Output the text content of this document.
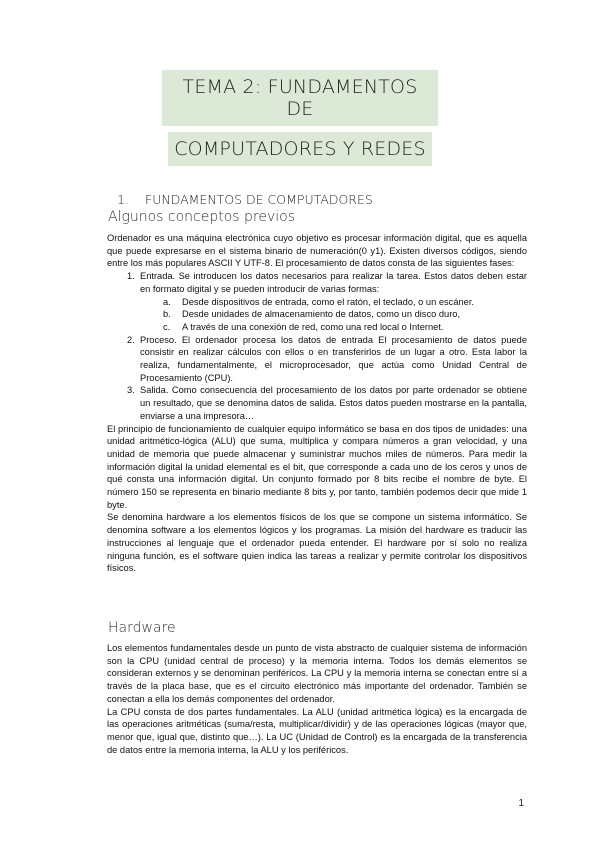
TEMA 2: FUNDAMENTOS DE
COMPUTADORES Y REDES
1. FUNDAMENTOS DE COMPUTADORES
Algunos conceptos previos

Ordenador es una máquina electrónica cuyo objetivo es procesar información digital, que es aquella que puede expresarse en el sistema binario de numeración(0 y1). Existen diversos códigos, siendo entre los más populares ASCII Y UTF-8. El procesamiento de datos consta de las siguientes fases:

1. Entrada. Se introducen los datos necesarios para realizar la tarea. Estos datos deben estar en formato digital y se pueden introducir de varias formas:
a. Desde dispositivos de entrada, como el ratón, el teclado, o un escáner.
b. Desde unidades de almacenamiento de datos, como un disco duro,
c. A través de una conexión de red, como una red local o Internet.
2. Proceso. El ordenador procesa los datos de entrada El procesamiento de datos puede consistir en realizar cálculos con ellos o en transferirlos de un lugar a otro. Esta labor la realiza, fundamentalmente, el microprocesador, que actúa como Unidad Central de Procesamiento (CPU).
3. Salida. Como consecuencia del procesamiento de los datos por parte ordenador se obtiene un resultado, que se denomina datos de salida. Estos datos pueden mostrarse en la pantalla, enviarse a una impresora…

El principio de funcionamiento de cualquier equipo informático se basa en dos tipos de unidades: una unidad aritmético-lógica (ALU) que suma, multiplica y compara números a gran velocidad, y una unidad de memoria que puede almacenar y suministrar muchos miles de números. Para medir la información digital la unidad elemental es el bit, que corresponde a cada uno de los ceros y unos de qué consta una información digital. Un conjunto formado por 8 bits recibe el nombre de byte. El número 150 se representa en binario mediante 8 bits y, por tanto, también podemos decir que mide 1 byte.

Se denomina hardware a los elementos físicos de los que se compone un sistema informático. Se denomina software a los elementos lógicos y los programas. La misión del hardware es traducir las instrucciones al lenguaje que el ordenador pueda entender. El hardware por sí solo no realiza ninguna función, es el software quien indica las tareas a realizar y permite controlar los dispositivos físicos.

Hardware

Los elementos fundamentales desde un punto de vista abstracto de cualquier sistema de información son la CPU (unidad central de proceso) y la memoria interna. Todos los demás elementos se consideran externos y se denominan periféricos. La CPU y la memoria interna se conectan entre sí a través de la placa base, que es el circuito electrónico más importante del ordenador. También se conectan a ella los demás componentes del ordenador.

La CPU consta de dos partes fundamentales. La ALU (unidad aritmética lógica) es la encargada de las operaciones aritméticas (suma/resta, multiplicar/dividir) y de las operaciones lógicas (mayor que, menor que, igual que, distinto que…). La UC (Unidad de Control) es la encargada de la transferencia de datos entre la memoria interna, la ALU y los periféricos.

1
